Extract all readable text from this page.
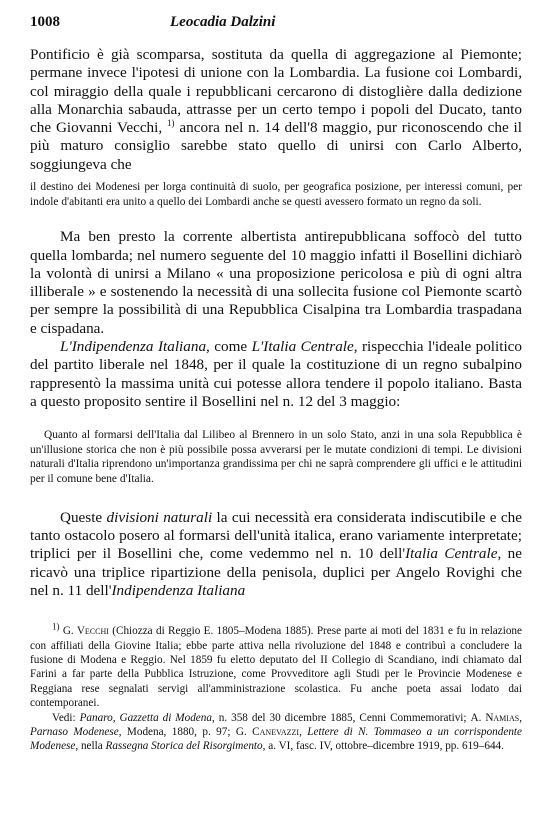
1008	Leocadia Dalzini

Pontificio è già scomparsa, sostituta da quella di aggregazione al Piemonte; permane invece l'ipotesi di unione con la Lombardia. La fusione coi Lombardi, col miraggio della quale i repubblicani cercarono di distoglière dalla dedizione alla Monarchia sabauda, attrasse per un certo tempo i popoli del Ducato, tanto che Giovanni Vecchi, $^{1)}$ ancora nel n. 14 dell'8 maggio, pur riconoscendo che il più maturo consiglio sarebbe stato quello di unirsi con Carlo Alberto, soggiungeva che

il destino dei Modenesi per lorga continuità di suolo, per geografica posizione, per interessi comuni, per indole d'abitanti era unito a quello dei Lombardi anche se questi avessero formato un regno da soli.

Ma ben presto la corrente albertista antirepubblicana soffocò del tutto quella lombarda; nel numero seguente del 10 maggio infatti il Bosellini dichiarò la volontà di unirsi a Milano « una proposizione pericolosa e più di ogni altra illiberale » e sostenendo la necessità di una sollecita fusione col Piemonte scartò per sempre la possibilità di una Repubblica Cisalpina tra Lombardia traspadana e cispadana.

L'Indipendenza Italiana, come L'Italia Centrale, rispecchia l'ideale politico del partito liberale nel 1848, per il quale la costituzione di un regno subalpino rappresentò la massima unità cui potesse allora tendere il popolo italiano. Basta a questo proposito sentire il Bosellini nel n. 12 del 3 maggio:

Quanto al formarsi dell'Italia dal Lilibeo al Brennero in un solo Stato, anzi in una sola Repubblica è un'illusione storica che non è più possibile possa avverarsi per le mutate condizioni di tempi. Le divisioni naturali d'Italia riprendono un'importanza grandissima per chi ne saprà comprendere gli uffici e le attitudini per il comune bene d'Italia.

Queste divisioni naturali la cui necessità era considerata indiscutibile e che tanto ostacolo posero al formarsi dell'unità italica, erano variamente interpretate; triplici per il Bosellini che, come vedemmo nel n. 10 dell'Italia Centrale, ne ricavò una triplice ripartizione della penisola, duplici per Angelo Rovighi che nel n. 11 dell'Indipendenza Italiana

$^{1)}$ G. Vecchi (Chiozza di Reggio E. 1805–Modena 1885). Prese parte ai moti del 1831 e fu in relazione con affiliati della Giovine Italia; ebbe parte attiva nella rivoluzione del 1848 e contribuì a concludere la fusione di Modena e Reggio. Nel 1859 fu eletto deputato del II Collegio di Scandiano, indi chiamato dal Farini a far parte della Pubblica Istruzione, come Provveditore agli Studi per le Provincie Modenese e Reggiana rese segnalati servigi all'amministrazione scolastica. Fu anche poeta assai lodato dai contemporanei.

Vedi: Panaro, Gazzetta di Modena, n. 358 del 30 dicembre 1885, Cenni Commemorativi; A. Namias, Parnaso Modenese, Modena, 1880, p. 97; G. Canevazzi, Lettere di N. Tommaseo a un corrispondente Modenese, nella Rassegna Storica del Risorgimento, a. VI, fasc. IV, ottobre–dicembre 1919, pp. 619–644.
